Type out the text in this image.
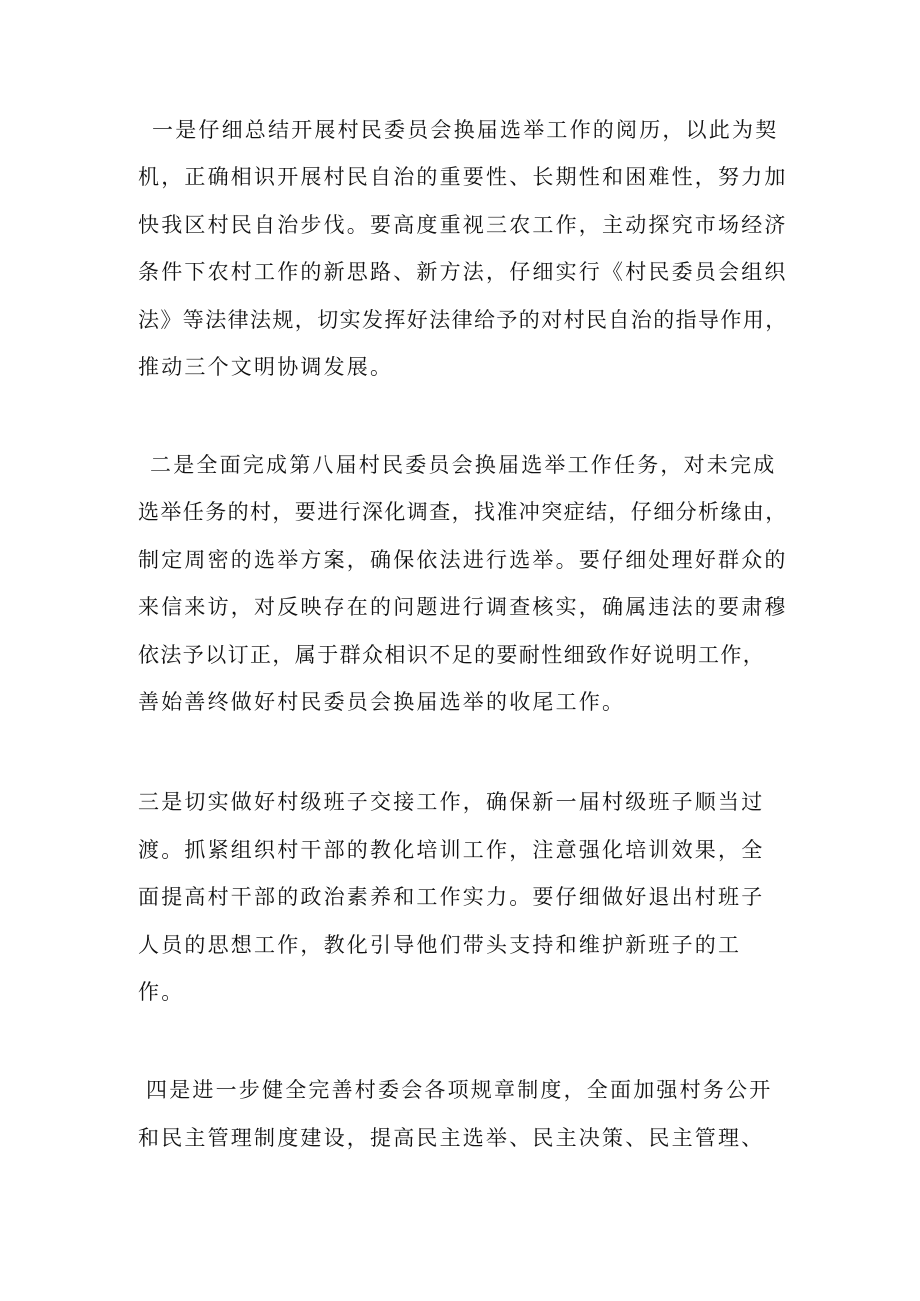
一是仔细总结开展村民委员会换届选举工作的阅历，以此为契
机，正确相识开展村民自治的重要性、长期性和困难性，努力加
快我区村民自治步伐。要高度重视三农工作，主动探究市场经济
条件下农村工作的新思路、新方法，仔细实行《村民委员会组织
法》等法律法规，切实发挥好法律给予的对村民自治的指导作用，
推动三个文明协调发展。
二是全面完成第八届村民委员会换届选举工作任务，对未完成
选举任务的村，要进行深化调查，找准冲突症结，仔细分析缘由，
制定周密的选举方案，确保依法进行选举。要仔细处理好群众的
来信来访，对反映存在的问题进行调查核实，确属违法的要肃穆
依法予以订正，属于群众相识不足的要耐性细致作好说明工作，
善始善终做好村民委员会换届选举的收尾工作。
三是切实做好村级班子交接工作，确保新一届村级班子顺当过
渡。抓紧组织村干部的教化培训工作，注意强化培训效果，全
面提高村干部的政治素养和工作实力。要仔细做好退出村班子
人员的思想工作，教化引导他们带头支持和维护新班子的工
作。
四是进一步健全完善村委会各项规章制度，全面加强村务公开
和民主管理制度建设，提高民主选举、民主决策、民主管理、
